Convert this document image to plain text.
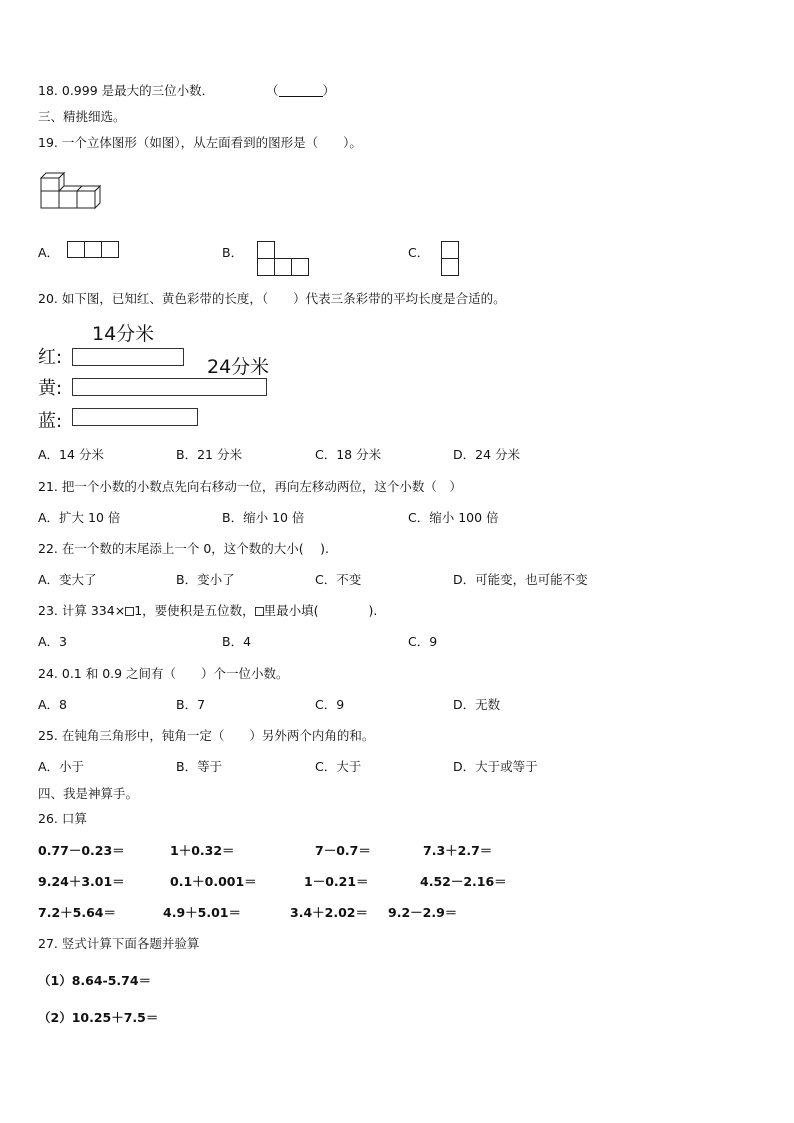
18. 0.999 是最大的三位小数．	（	）
三、精挑细选。
19. 一个立体图形（如图），从左面看到的图形是（　　）。
A．	B．	C．
20. 如下图，已知红、黄色彩带的长度，（　　）代表三条彩带的平均长度是合适的。
14分米
24分米
红:
黄:
蓝:
A．14 分米	B．21 分米	C．18 分米	D．24 分米
21. 把一个小数的小数点先向右移动一位，再向左移动两位，这个小数（　）
A．扩大 10 倍	B．缩小 10 倍	C．缩小 100 倍
22. 在一个数的末尾添上一个 0，这个数的大小(　 ).
A．变大了	B．变小了	C．不变	D．可能变，也可能不变
23. 计算 334× 1，要使积是五位数， 里最小填(　　　　).
A．3	B．4	C．9
24. 0.1 和 0.9 之间有（　　）个一位小数。
A．8	B．7	C．9	D．无数
25. 在钝角三角形中，钝角一定（　　）另外两个内角的和。
A．小于	B．等于	C．大于	D．大于或等于
四、我是神算手。
26. 口算
0.77－0.23＝	1＋0.32＝	7－0.7＝	7.3＋2.7＝
9.24＋3.01＝	0.1＋0.001＝	1－0.21＝	4.52－2.16＝
7.2＋5.64＝	4.9＋5.01＝	3.4＋2.02＝ 9.2－2.9＝
27. 竖式计算下面各题并验算
（1）8.64-5.74＝
（2）10.25＋7.5＝
